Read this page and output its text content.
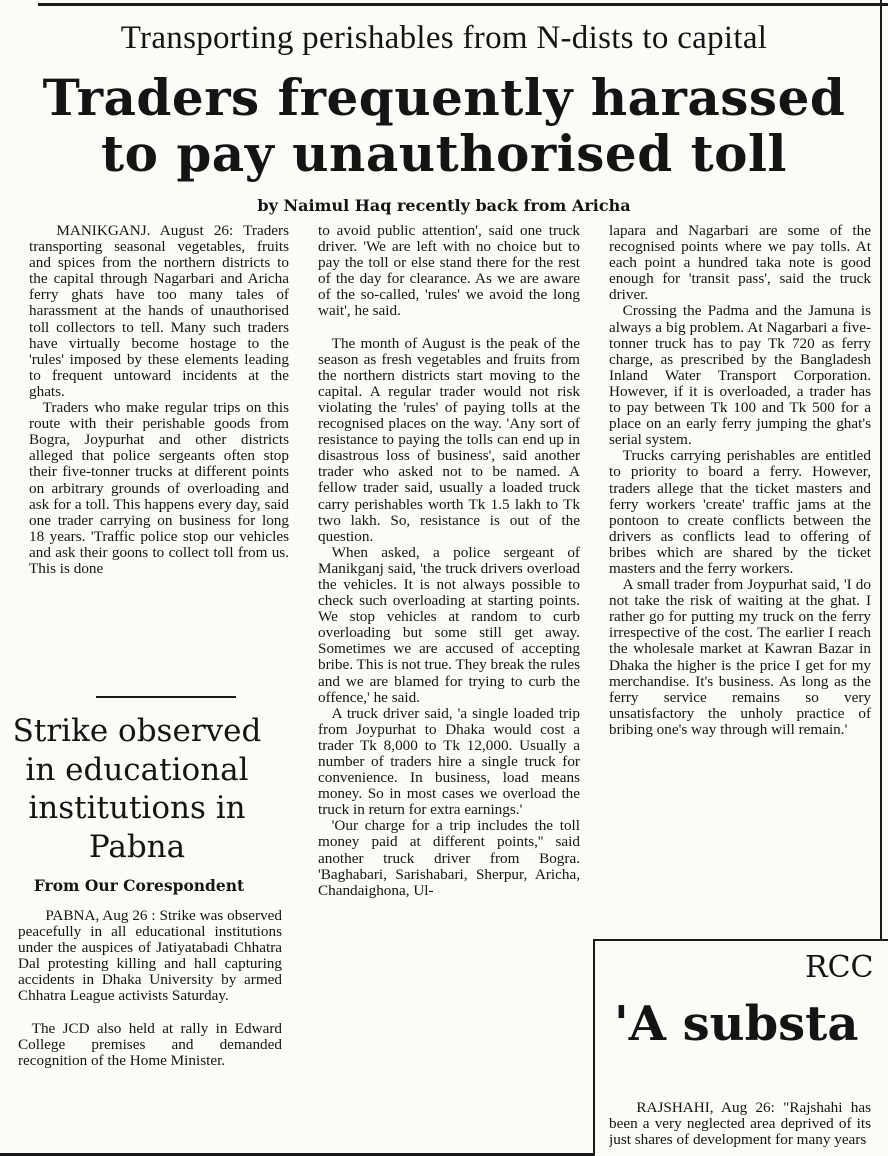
Transporting perishables from N-dists to capital
Traders frequently harassed
to pay unauthorised toll
by Naimul Haq recently back from Aricha

MANIKGANJ. August 26: Traders transporting seasonal vegetables, fruits and spices from the northern districts to the capital through Nagarbari and Aricha ferry ghats have too many tales of harassment at the hands of unauthorised toll collectors to tell. Many such traders have virtually become hostage to the 'rules' imposed by these elements leading to frequent untoward incidents at the ghats.

Traders who make regular trips on this route with their perishable goods from Bogra, Joypurhat and other districts alleged that police sergeants often stop their five-tonner trucks at different points on arbitrary grounds of overloading and ask for a toll. This happens every day, said one trader carrying on business for long 18 years. 'Traffic police stop our vehicles and ask their goons to collect toll from us. This is done

to avoid public attention', said one truck driver. 'We are left with no choice but to pay the toll or else stand there for the rest of the day for clearance. As we are aware of the so-called, 'rules' we avoid the long wait', he said.

The month of August is the peak of the season as fresh vegetables and fruits from the northern districts start moving to the capital. A regular trader would not risk violating the 'rules' of paying tolls at the recognised places on the way. 'Any sort of resistance to paying the tolls can end up in disastrous loss of business', said another trader who asked not to be named. A fellow trader said, usually a loaded truck carry perishables worth Tk 1.5 lakh to Tk two lakh. So, resistance is out of the question.

When asked, a police sergeant of Manikganj said, 'the truck drivers overload the vehicles. It is not always possible to check such overloading at starting points. We stop vehicles at random to curb overloading but some still get away. Sometimes we are accused of accepting bribe. This is not true. They break the rules and we are blamed for trying to curb the offence,' he said.

A truck driver said, 'a single loaded trip from Joypurhat to Dhaka would cost a trader Tk 8,000 to Tk 12,000. Usually a number of traders hire a single truck for convenience. In business, load means money. So in most cases we overload the truck in return for extra earnings.'

'Our charge for a trip includes the toll money paid at different points,'' said another truck driver from Bogra. 'Baghabari, Sarishabari, Sherpur, Aricha, Chandaighona, Ul-

lapara and Nagarbari are some of the recognised points where we pay tolls. At each point a hundred taka note is good enough for 'transit pass', said the truck driver.

Crossing the Padma and the Jamuna is always a big problem. At Nagarbari a five-tonner truck has to pay Tk 720 as ferry charge, as prescribed by the Bangladesh Inland Water Transport Corporation. However, if it is overloaded, a trader has to pay between Tk 100 and Tk 500 for a place on an early ferry jumping the ghat's serial system.

Trucks carrying perishables are entitled to priority to board a ferry. However, traders allege that the ticket masters and ferry workers 'create' traffic jams at the pontoon to create conflicts between the drivers as conflicts lead to offering of bribes which are shared by the ticket masters and the ferry workers.

A small trader from Joypurhat said, 'I do not take the risk of waiting at the ghat. I rather go for putting my truck on the ferry irrespective of the cost. The earlier I reach the wholesale market at Kawran Bazar in Dhaka the higher is the price I get for my merchandise. It's business. As long as the ferry service remains so very unsatisfactory the unholy practice of bribing one's way through will remain.'

Strike observed in educational institutions in Pabna
From Our Corespondent

PABNA, Aug 26 : Strike was observed peacefully in all educational institutions under the auspices of Jatiyatabadi Chhatra Dal protesting killing and hall capturing accidents in Dhaka University by armed Chhatra League activists Saturday.

The JCD also held at rally in Edward College premises and demanded recognition of the Home Minister.

RCC
'A substa

RAJSHAHI, Aug 26: "Rajshahi has been a very neglected area deprived of its just shares of development for many years
